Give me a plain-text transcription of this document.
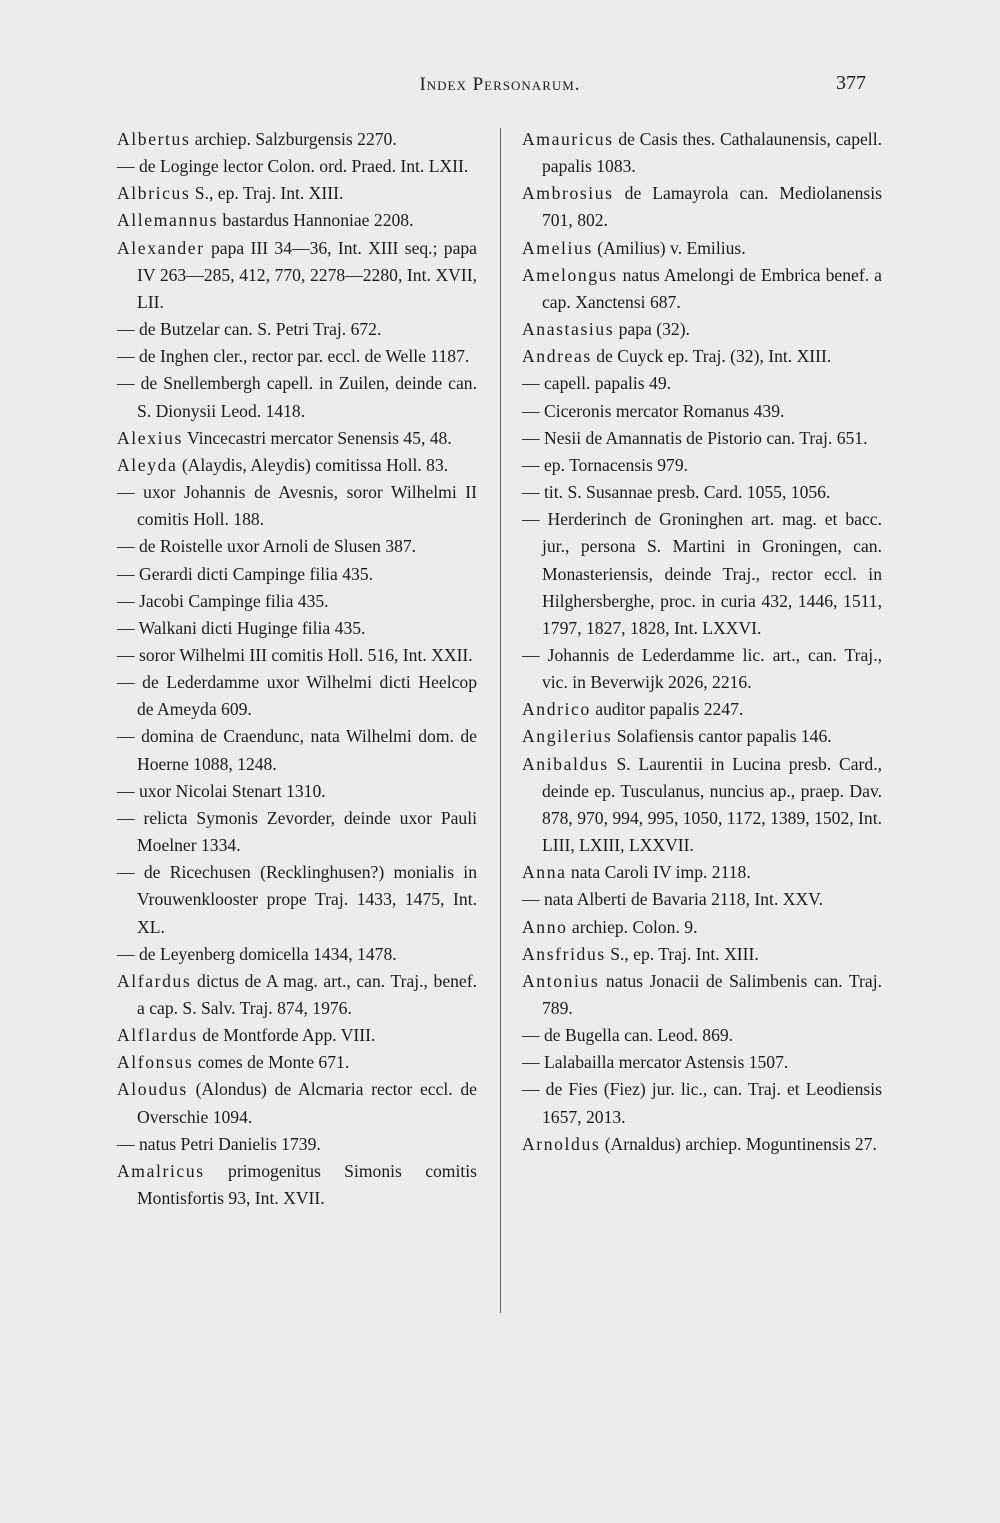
Index Personarum.	377
Albertus archiep. Salzburgensis 2270.
— de Loginge lector Colon. ord. Praed. Int. LXII.
Albricus S., ep. Traj. Int. XIII.
Allemannus bastardus Hannoniae 2208.
Alexander papa III 34—36, Int. XIII seq.; papa IV 263—285, 412, 770, 2278—2280, Int. XVII, LII.
— de Butzelar can. S. Petri Traj. 672.
— de Inghen cler., rector par. eccl. de Welle 1187.
— de Snellembergh capell. in Zuilen, deinde can. S. Dionysii Leod. 1418.
Alexius Vincecastri mercator Senensis 45, 48.
Aleyda (Alaydis, Aleydis) comitissa Holl. 83.
— uxor Johannis de Avesnis, soror Wilhelmi II comitis Holl. 188.
— de Roistelle uxor Arnoli de Slusen 387.
— Gerardi dicti Campinge filia 435.
— Jacobi Campinge filia 435.
— Walkani dicti Huginge filia 435.
— soror Wilhelmi III comitis Holl. 516, Int. XXII.
— de Lederdamme uxor Wilhelmi dicti Heelcop de Ameyda 609.
— domina de Craendunc, nata Wilhelmi dom. de Hoerne 1088, 1248.
— uxor Nicolai Stenart 1310.
— relicta Symonis Zevorder, deinde uxor Pauli Moelner 1334.
— de Ricechusen (Recklinghusen?) monialis in Vrouwenklooster prope Traj. 1433, 1475, Int. XL.
— de Leyenberg domicella 1434, 1478.
Alfardus dictus de A mag. art., can. Traj., benef. a cap. S. Salv. Traj. 874, 1976.
Alflardus de Montforde App. VIII.
Alfonsus comes de Monte 671.
Aloudus (Alondus) de Alcmaria rector eccl. de Overschie 1094.
— natus Petri Danielis 1739.
Amalricus primogenitus Simonis comitis Montisfortis 93, Int. XVII.
Amauricus de Casis thes. Cathalaunensis, capell. papalis 1083.
Ambrosius de Lamayrola can. Mediolanensis 701, 802.
Amelius (Amilius) v. Emilius.
Amelongus natus Amelongi de Embrica benef. a cap. Xanctensi 687.
Anastasius papa (32).
Andreas de Cuyck ep. Traj. (32), Int. XIII.
— capell. papalis 49.
— Ciceronis mercator Romanus 439.
— Nesii de Amannatis de Pistorio can. Traj. 651.
— ep. Tornacensis 979.
— tit. S. Susannae presb. Card. 1055, 1056.
— Herderinch de Groninghen art. mag. et bacc. jur., persona S. Martini in Groningen, can. Monasteriensis, deinde Traj., rector eccl. in Hilghersberghe, proc. in curia 432, 1446, 1511, 1797, 1827, 1828, Int. LXXVI.
— Johannis de Lederdamme lic. art., can. Traj., vic. in Beverwijk 2026, 2216.
Andrico auditor papalis 2247.
Angilerius Solafiensis cantor papalis 146.
Anibaldus S. Laurentii in Lucina presb. Card., deinde ep. Tusculanus, nuncius ap., praep. Dav. 878, 970, 994, 995, 1050, 1172, 1389, 1502, Int. LIII, LXIII, LXXVII.
Anna nata Caroli IV imp. 2118.
— nata Alberti de Bavaria 2118, Int. XXV.
Anno archiep. Colon. 9.
Ansfridus S., ep. Traj. Int. XIII.
Antonius natus Jonacii de Salimbenis can. Traj. 789.
— de Bugella can. Leod. 869.
— Lalabailla mercator Astensis 1507.
— de Fies (Fiez) jur. lic., can. Traj. et Leodiensis 1657, 2013.
Arnoldus (Arnaldus) archiep. Moguntinensis 27.
